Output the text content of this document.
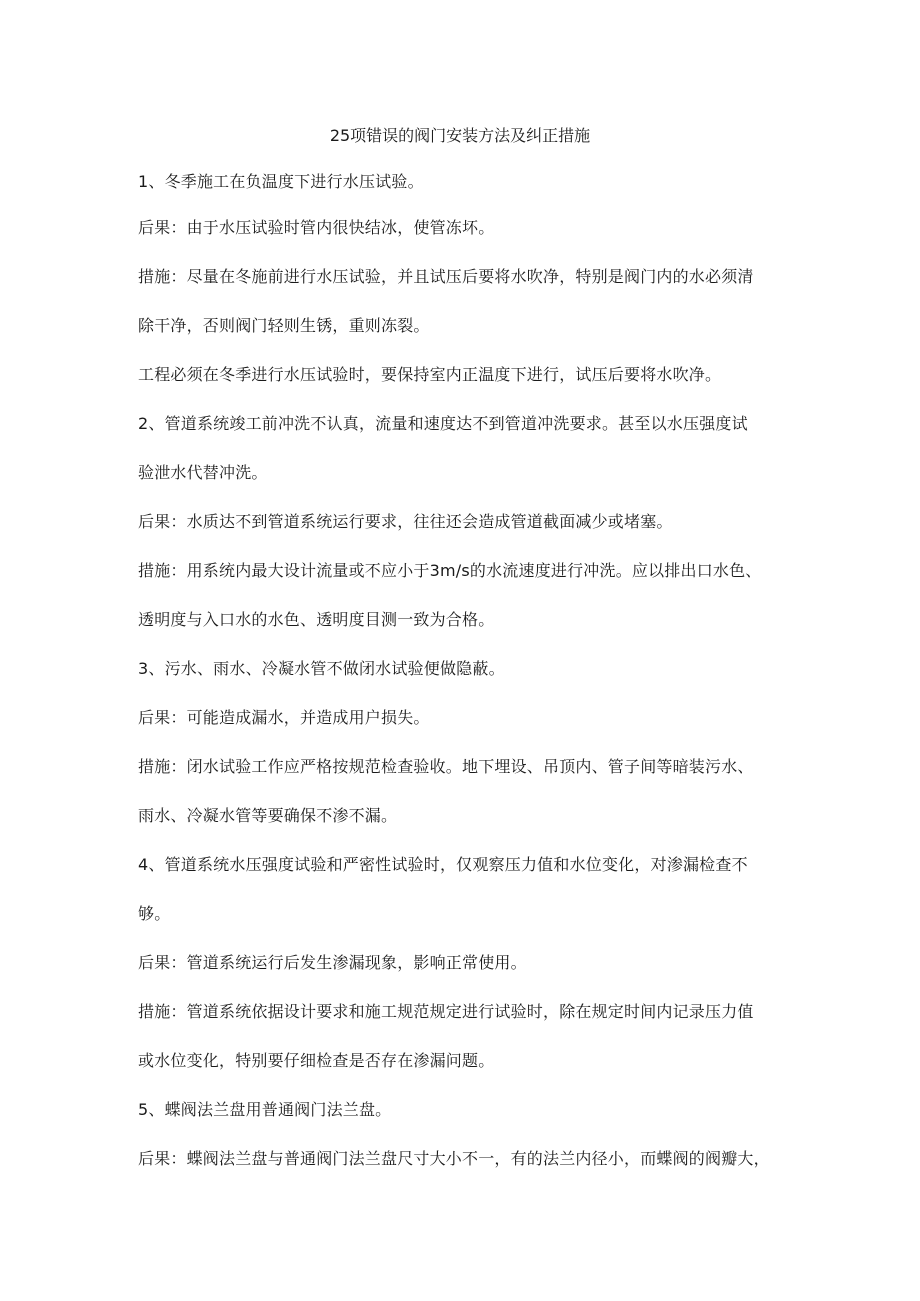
25项错误的阀门安装方法及纠正措施
1、冬季施工在负温度下进行水压试验。
后果：由于水压试验时管内很快结冰，使管冻坏。
措施：尽量在冬施前进行水压试验，并且试压后要将水吹净，特别是阀门内的水必须清
除干净，否则阀门轻则生锈，重则冻裂。
工程必须在冬季进行水压试验时，要保持室内正温度下进行，试压后要将水吹净。
2、管道系统竣工前冲洗不认真，流量和速度达不到管道冲洗要求。甚至以水压强度试
验泄水代替冲洗。
后果：水质达不到管道系统运行要求，往往还会造成管道截面减少或堵塞。
措施：用系统内最大设计流量或不应小于3m/s的水流速度进行冲洗。应以排出口水色、
透明度与入口水的水色、透明度目测一致为合格。
3、污水、雨水、冷凝水管不做闭水试验便做隐蔽。
后果：可能造成漏水，并造成用户损失。
措施：闭水试验工作应严格按规范检查验收。地下埋设、吊顶内、管子间等暗装污水、
雨水、冷凝水管等要确保不渗不漏。
4、管道系统水压强度试验和严密性试验时，仅观察压力值和水位变化，对渗漏检查不
够。
后果：管道系统运行后发生渗漏现象，影响正常使用。
措施：管道系统依据设计要求和施工规范规定进行试验时，除在规定时间内记录压力值
或水位变化，特别要仔细检查是否存在渗漏问题。
5、蝶阀法兰盘用普通阀门法兰盘。
后果：蝶阀法兰盘与普通阀门法兰盘尺寸大小不一，有的法兰内径小，而蝶阀的阀瓣大，
